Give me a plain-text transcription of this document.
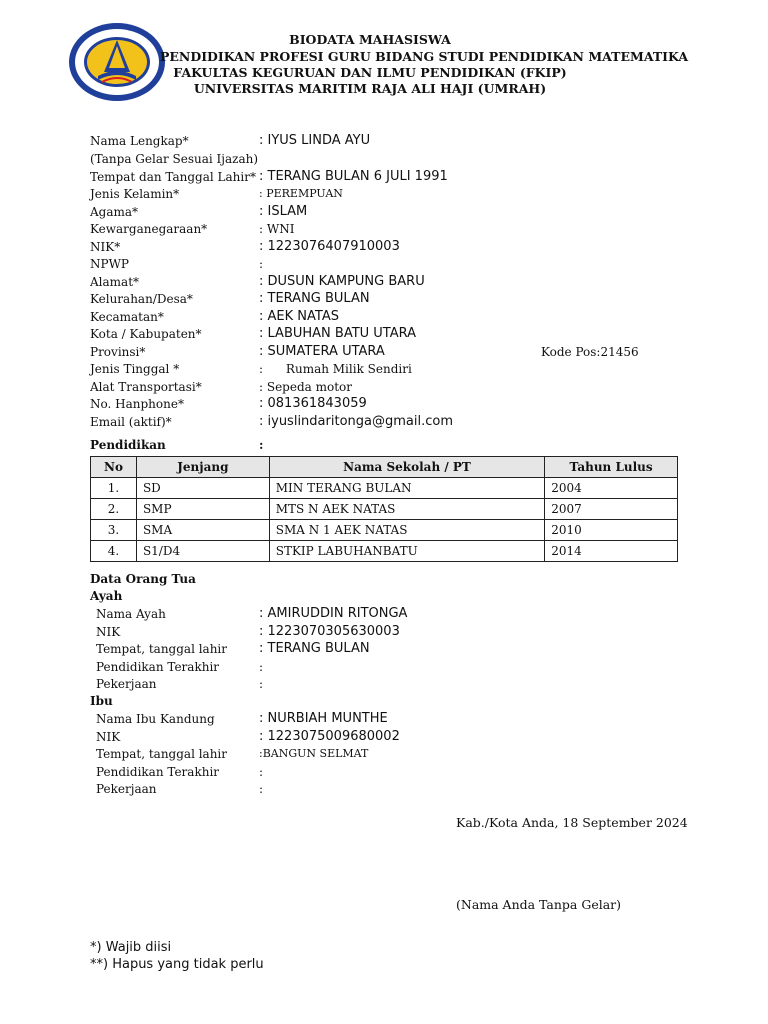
BIODATA MAHASISWA
PENDIDIKAN PROFESI GURU BIDANG STUDI PENDIDIKAN MATEMATIKA
FAKULTAS KEGURUAN DAN ILMU PENDIDIKAN (FKIP)
UNIVERSITAS MARITIM RAJA ALI HAJI (UMRAH)
Nama Lengkap*	: IYUS LINDA AYU
(Tanpa Gelar Sesuai Ijazah)
Tempat dan Tanggal Lahir* : TERANG BULAN 6 JULI 1991
Jenis Kelamin*	: PEREMPUAN
Agama*	: ISLAM
Kewarganegaraan*	: WNI
NIK*	: 1223076407910003
NPWP	:
Alamat*	: DUSUN KAMPUNG BARU
Kelurahan/Desa*	: TERANG BULAN
Kecamatan*	: AEK NATAS
Kota / Kabupaten*	: LABUHAN BATU UTARA
Provinsi*	: SUMATERA UTARA	Kode Pos:21456
Jenis Tinggal *	:      Rumah Milik Sendiri
Alat Transportasi*	: Sepeda motor
No. Hanphone*	: 081361843059
Email (aktif)*	: iyuslindaritonga@gmail.com
Pendidikan	:
No	Jenjang	Nama Sekolah / PT	Tahun Lulus
1.	SD	MIN TERANG BULAN	2004
2.	SMP	MTS N AEK NATAS	2007
3.	SMA	SMA N 1 AEK NATAS	2010
4.	S1/D4	STKIP LABUHANBATU	2014
Data Orang Tua
Ayah
Nama Ayah	: AMIRUDDIN RITONGA
NIK	: 1223070305630003
Tempat, tanggal lahir : TERANG BULAN
Pendidikan Terakhir	:
Pekerjaan	:
Ibu
Nama Ibu Kandung	: NURBIAH MUNTHE
NIK	: 1223075009680002
Tempat, tanggal lahir	:BANGUN SELMAT
Pendidikan Terakhir	:
Pekerjaan	:
Kab./Kota Anda, 18 September 2024
(Nama Anda Tanpa Gelar)
*) Wajib diisi
**) Hapus yang tidak perlu
